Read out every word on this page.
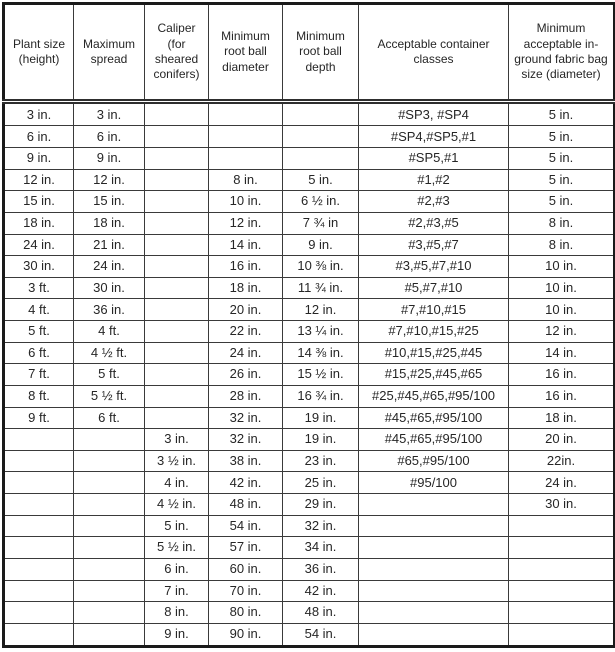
Plant size (height)	Maximum spread	Caliper (for sheared conifers)	Minimum root ball diameter	Minimum root ball depth	Acceptable container classes	Minimum acceptable in-ground fabric bag size (diameter)
3 in.	3 in.				#SP3, #SP4	5 in.
6 in.	6 in.				#SP4,#SP5,#1	5 in.
9 in.	9 in.				#SP5,#1	5 in.
12 in.	12 in.		8 in.	5 in.	#1,#2	5 in.
15 in.	15 in.		10 in.	6 ½ in.	#2,#3	5 in.
18 in.	18 in.		12 in.	7 ¾ in	#2,#3,#5	8 in.
24 in.	21 in.		14 in.	9 in.	#3,#5,#7	8 in.
30 in.	24 in.		16 in.	10 ⅜ in.	#3,#5,#7,#10	10 in.
3 ft.	30 in.		18 in.	11 ¾ in.	#5,#7,#10	10 in.
4 ft.	36 in.		20 in.	12 in.	#7,#10,#15	10 in.
5 ft.	4 ft.		22 in.	13 ¼ in.	#7,#10,#15,#25	12 in.
6 ft.	4 ½ ft.		24 in.	14 ⅜ in.	#10,#15,#25,#45	14 in.
7 ft.	5 ft.		26 in.	15 ½ in.	#15,#25,#45,#65	16 in.
8 ft.	5 ½ ft.		28 in.	16 ¾ in.	#25,#45,#65,#95/100	16 in.
9 ft.	6 ft.		32 in.	19 in.	#45,#65,#95/100	18 in.
		3 in.	32 in.	19 in.	#45,#65,#95/100	20 in.
		3 ½ in.	38 in.	23 in.	#65,#95/100	22in.
		4 in.	42 in.	25 in.	#95/100	24 in.
		4 ½ in.	48 in.	29 in.		30 in.
		5 in.	54 in.	32 in.		
		5 ½ in.	57 in.	34 in.		
		6 in.	60 in.	36 in.		
		7 in.	70 in.	42 in.		
		8 in.	80 in.	48 in.		
		9 in.	90 in.	54 in.		
